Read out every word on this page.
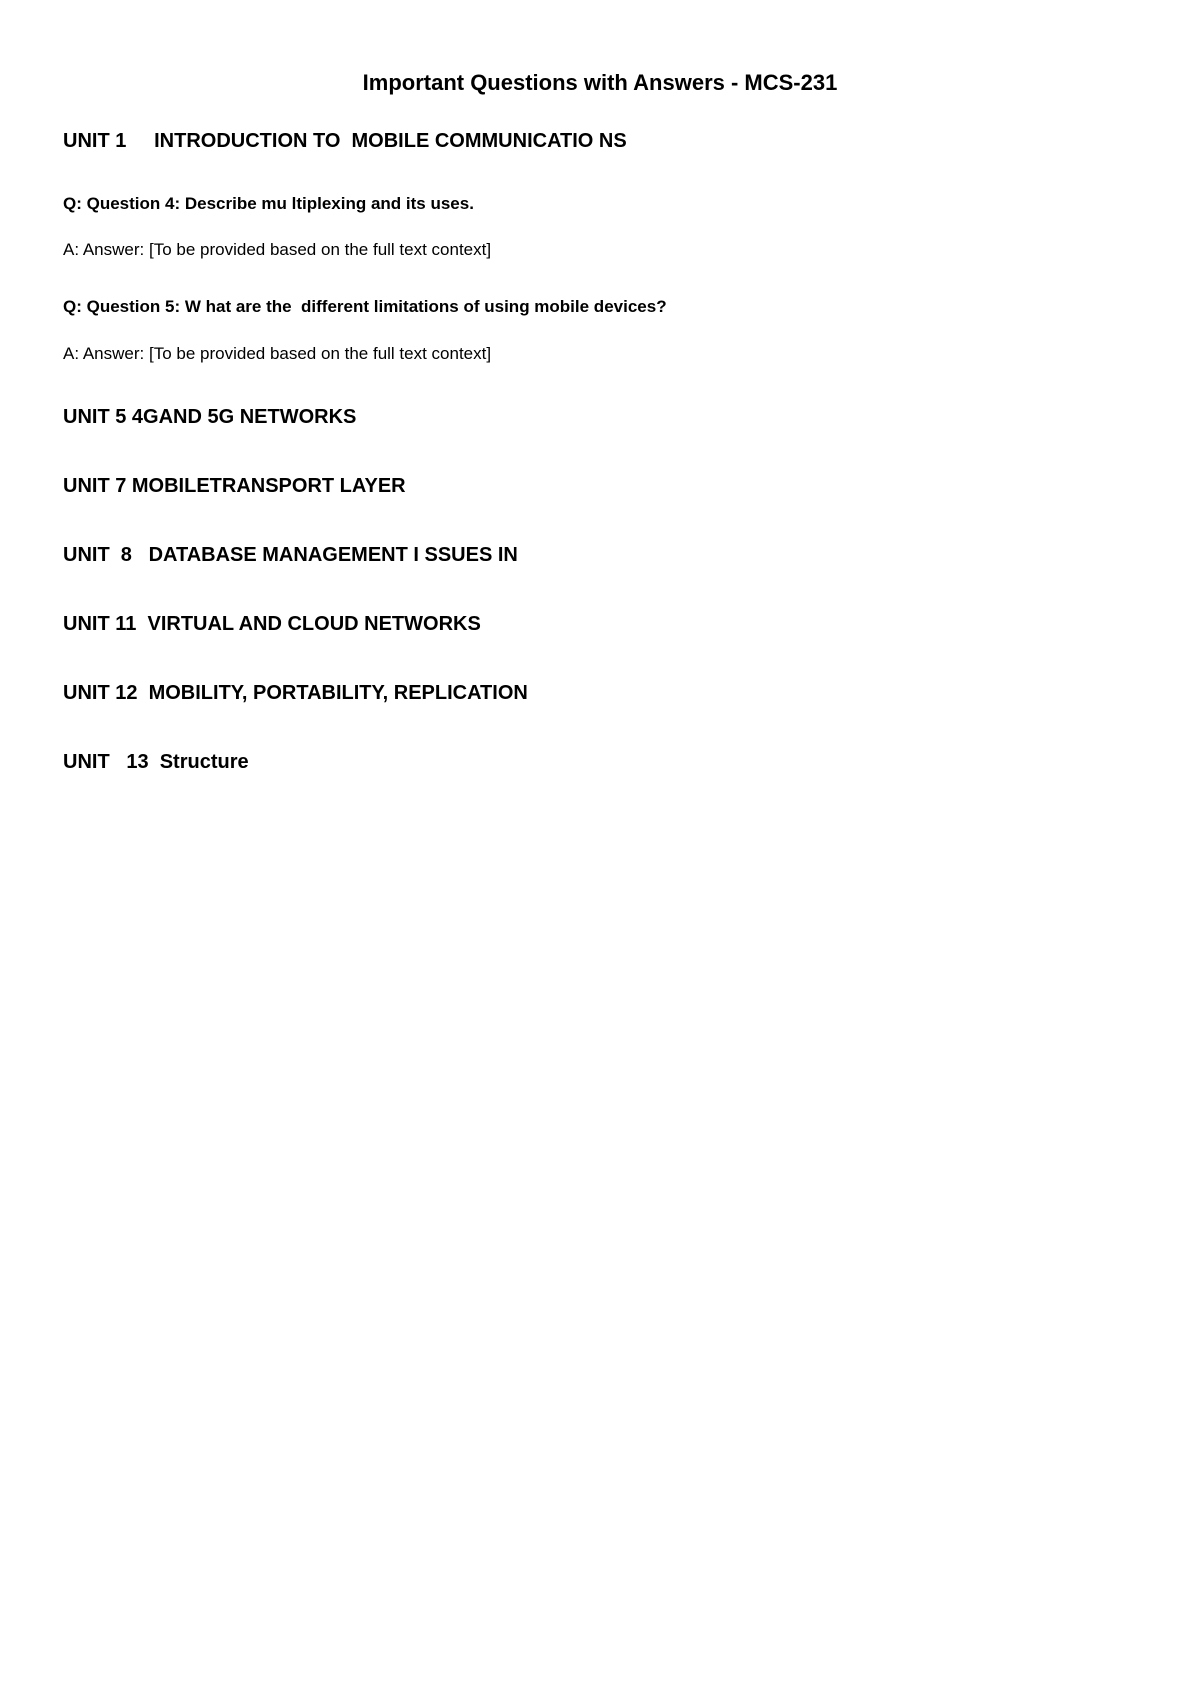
Important Questions with Answers - MCS-231
UNIT 1     INTRODUCTION TO  MOBILE COMMUNICATIO NS
Q: Question 4: Describe mu ltiplexing and its uses.
A: Answer: [To be provided based on the full text context]
Q: Question 5: W hat are the  different limitations of using mobile devices?
A: Answer: [To be provided based on the full text context]
UNIT 5 4GAND 5G NETWORKS
UNIT 7 MOBILETRANSPORT LAYER
UNIT  8   DATABASE MANAGEMENT I SSUES IN
UNIT 11  VIRTUAL AND CLOUD NETWORKS
UNIT 12  MOBILITY, PORTABILITY, REPLICATION
UNIT   13  Structure
